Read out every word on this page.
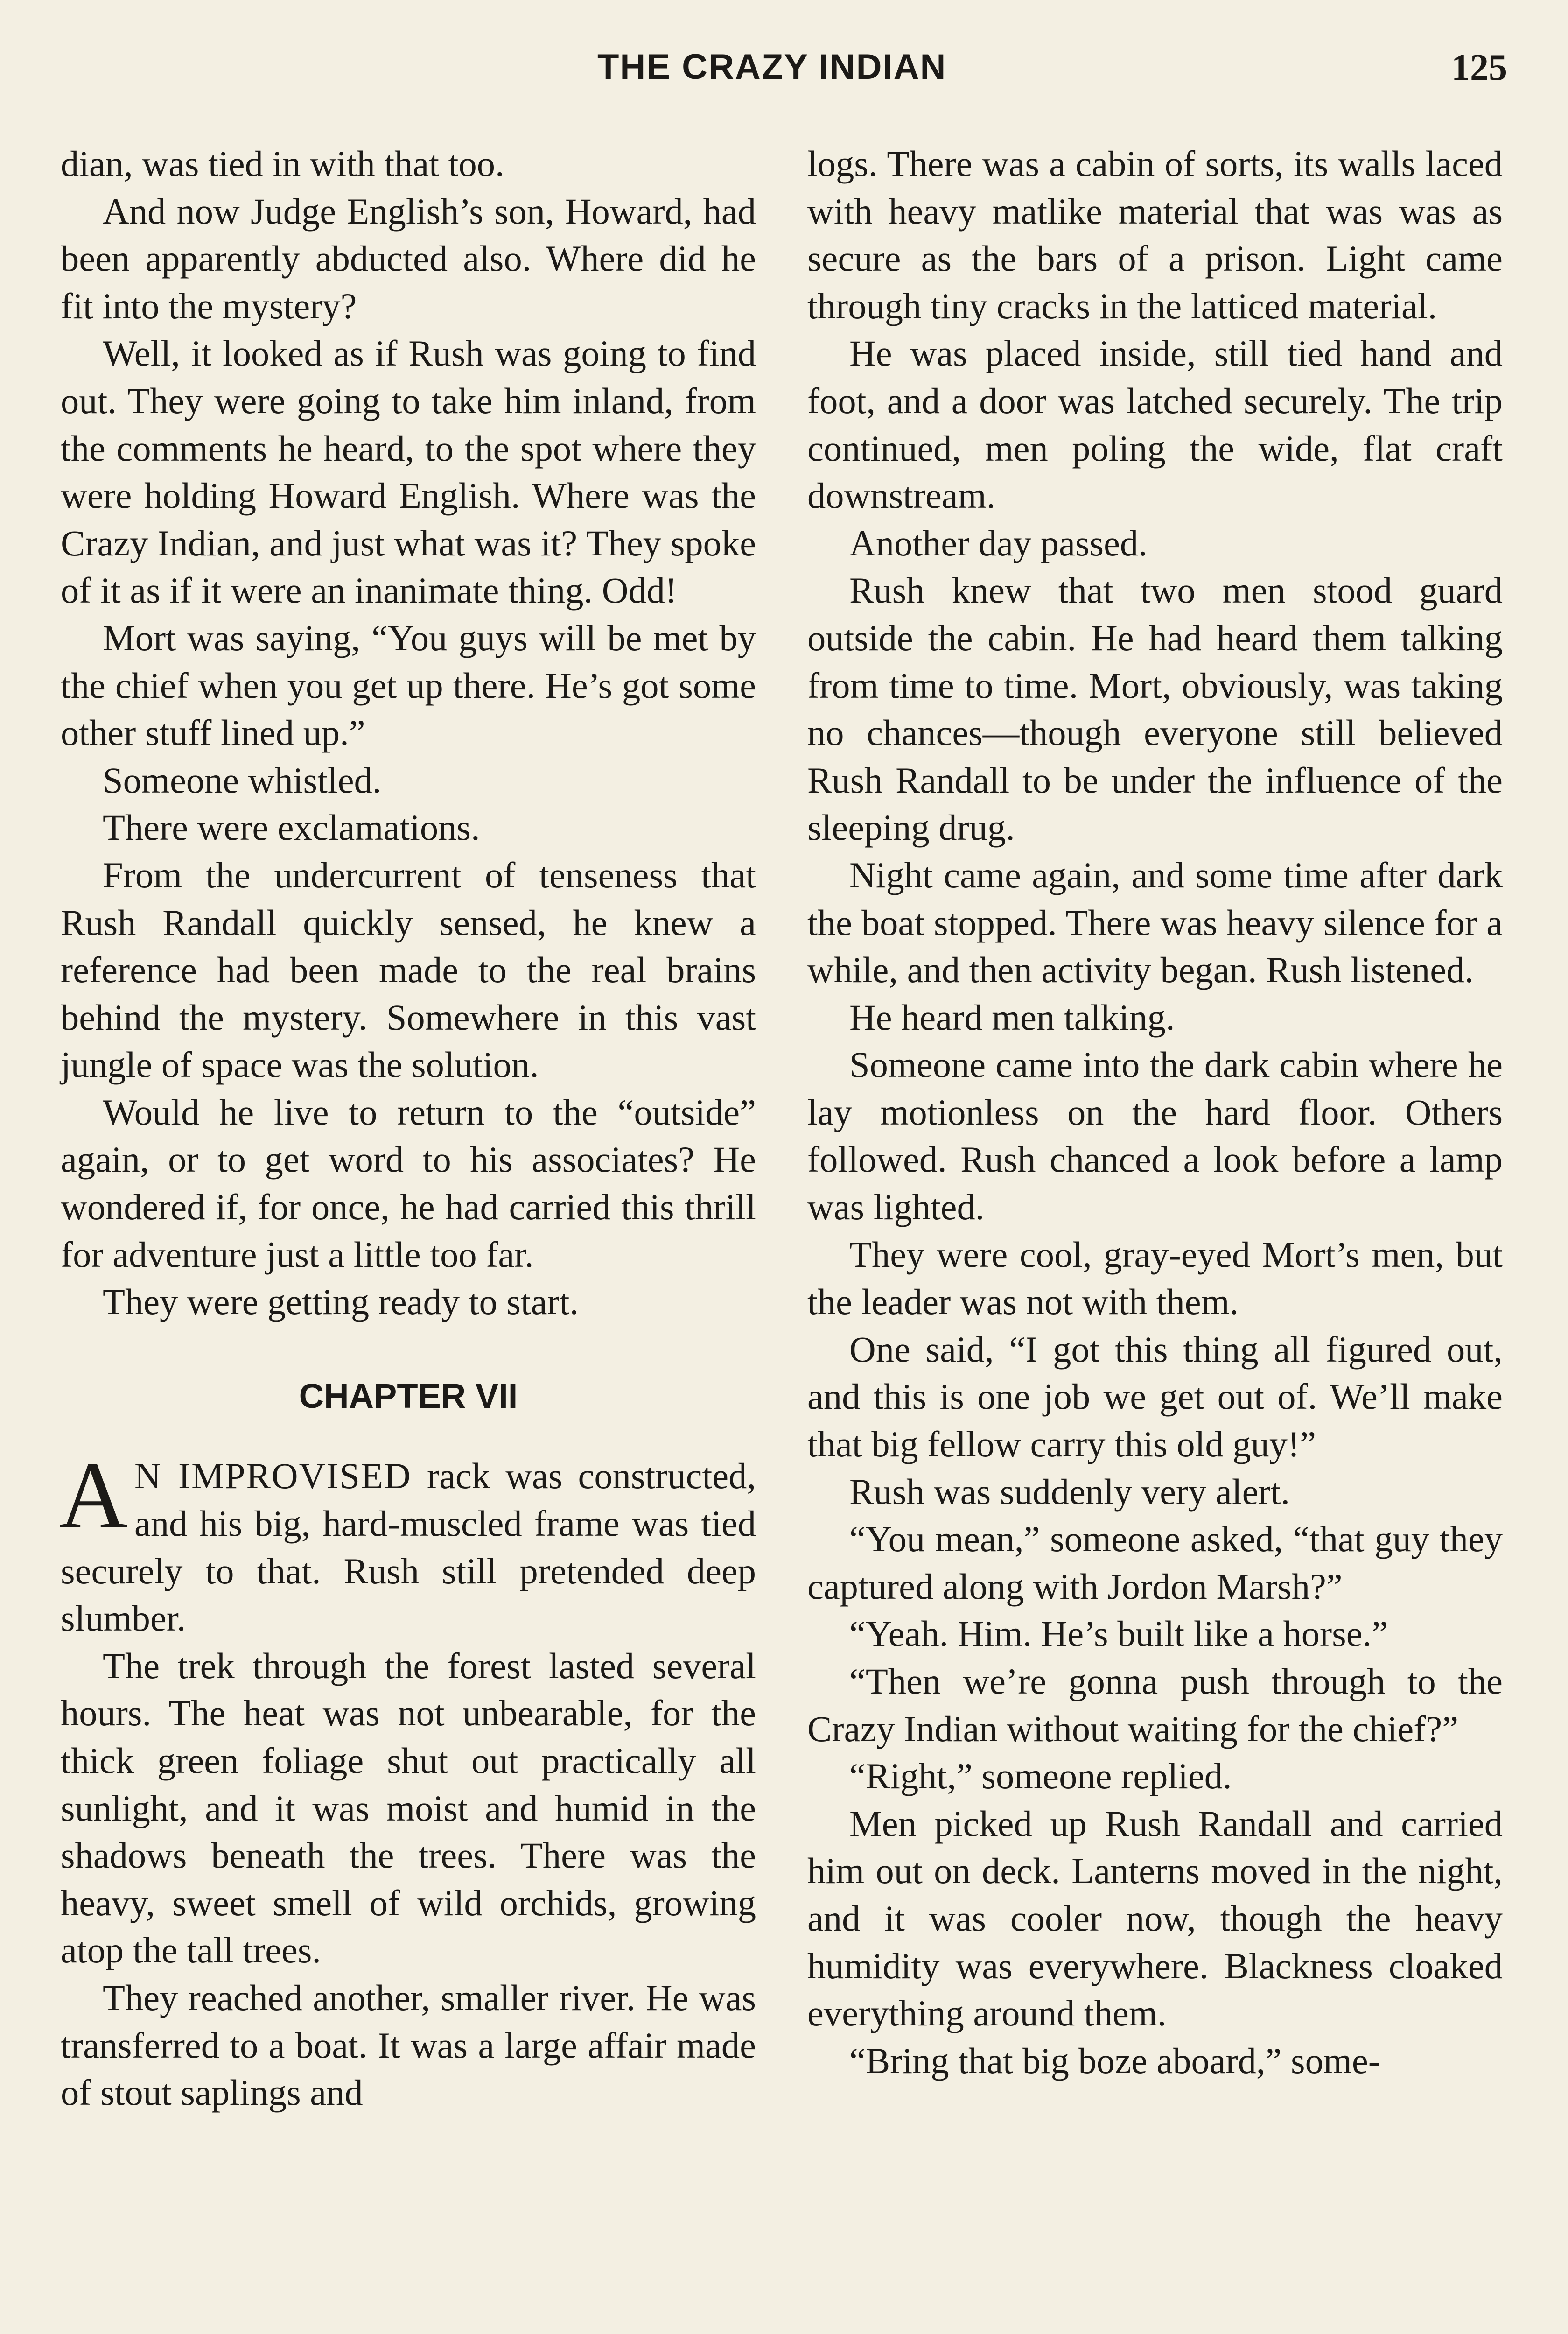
THE CRAZY INDIAN	125

dian, was tied in with that too.

And now Judge English’s son, Howard, had been apparently abducted also. Where did he fit into the mystery?

Well, it looked as if Rush was going to find out. They were going to take him inland, from the comments he heard, to the spot where they were holding Howard English. Where was the Crazy Indian, and just what was it? They spoke of it as if it were an inanimate thing. Odd!

Mort was saying, “You guys will be met by the chief when you get up there. He’s got some other stuff lined up.”

Someone whistled.

There were exclamations.

From the undercurrent of tenseness that Rush Randall quickly sensed, he knew a reference had been made to the real brains behind the mystery. Somewhere in this vast jungle of space was the solution.

Would he live to return to the “outside” again, or to get word to his associates? He wondered if, for once, he had carried this thrill for adventure just a little too far.

They were getting ready to start.

CHAPTER VII

A N IMPROVISED rack was constructed, and his big, hard-muscled frame was tied securely to that. Rush still pretended deep slumber.

The trek through the forest lasted several hours. The heat was not unbearable, for the thick green foliage shut out practically all sunlight, and it was moist and humid in the shadows beneath the trees. There was the heavy, sweet smell of wild orchids, growing atop the tall trees.

They reached another, smaller river. He was transferred to a boat. It was a large affair made of stout saplings and

logs. There was a cabin of sorts, its walls laced with heavy matlike material that was was as secure as the bars of a prison. Light came through tiny cracks in the latticed material.

He was placed inside, still tied hand and foot, and a door was latched securely. The trip continued, men poling the wide, flat craft downstream.

Another day passed.

Rush knew that two men stood guard outside the cabin. He had heard them talking from time to time. Mort, obviously, was taking no chances—though everyone still believed Rush Randall to be under the influence of the sleeping drug.

Night came again, and some time after dark the boat stopped. There was heavy silence for a while, and then activity began. Rush listened.

He heard men talking.

Someone came into the dark cabin where he lay motionless on the hard floor. Others followed. Rush chanced a look before a lamp was lighted.

They were cool, gray-eyed Mort’s men, but the leader was not with them.

One said, “I got this thing all figured out, and this is one job we get out of. We’ll make that big fellow carry this old guy!”

Rush was suddenly very alert.

“You mean,” someone asked, “that guy they captured along with Jordon Marsh?”

“Yeah. Him. He’s built like a horse.”

“Then we’re gonna push through to the Crazy Indian without waiting for the chief?”

“Right,” someone replied.

Men picked up Rush Randall and carried him out on deck. Lanterns moved in the night, and it was cooler now, though the heavy humidity was everywhere. Blackness cloaked everything around them.

“Bring that big boze aboard,” some-
